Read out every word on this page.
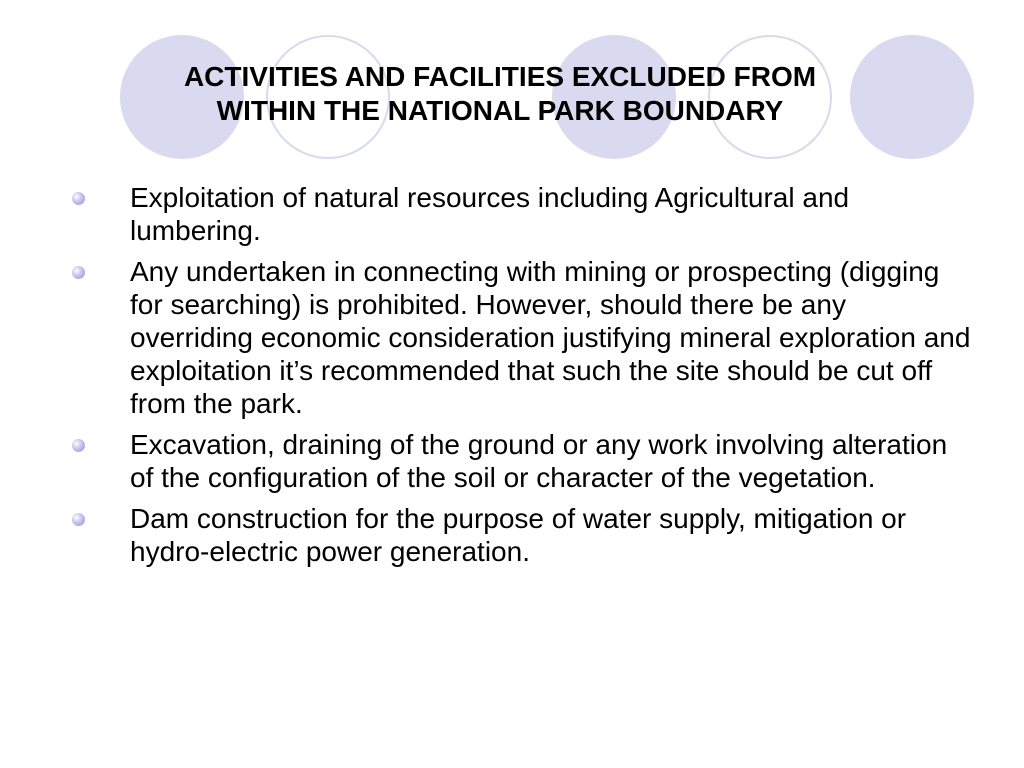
ACTIVITIES AND FACILITIES EXCLUDED FROM
WITHIN THE NATIONAL PARK BOUNDARY
Exploitation of natural resources including Agricultural and lumbering.
Any undertaken in connecting with mining or prospecting (digging for searching) is prohibited. However, should there be any overriding economic consideration justifying mineral exploration and exploitation it’s recommended that such the site should be cut off from the park.
Excavation, draining of the ground or any work involving alteration of the configuration of the soil or character of the vegetation.
Dam construction for the purpose of water supply, mitigation or hydro-electric power generation.
